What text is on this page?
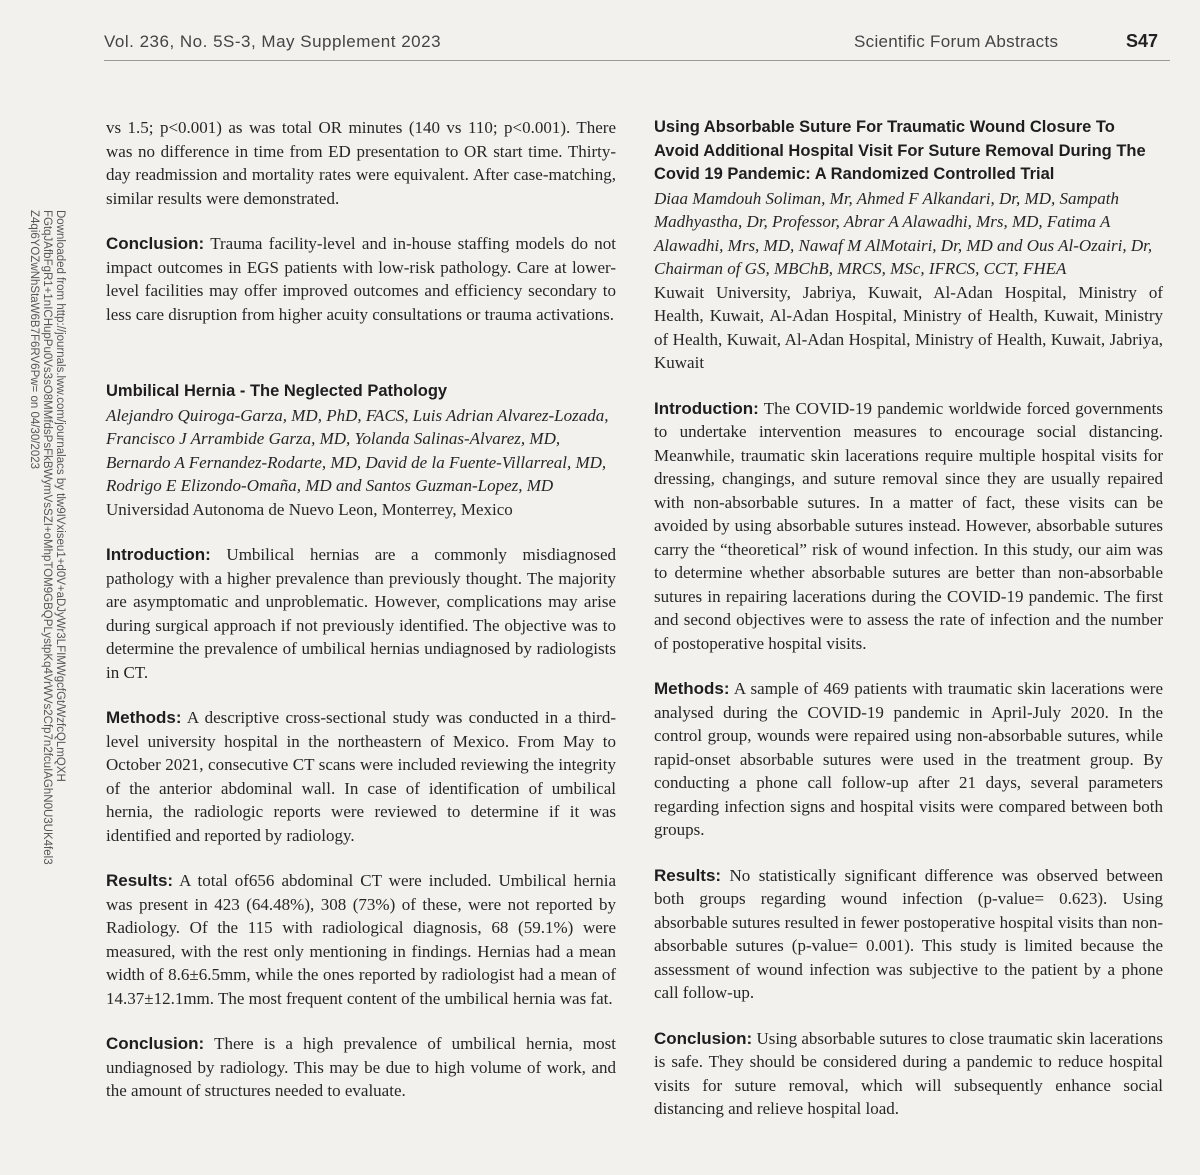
Vol. 236, No. 5S-3, May Supplement 2023	Scientific Forum Abstracts	S47
Downloaded from http://journals.lww.com/journalacs by tlw9IVxiseu1+d0V+aDJyWr3LFIMWgcfGt/WzfcQLmQXH
FGtqJAfbFgR1+1nICHupPu0Vs3sO8MMfdsPsFkBWymVsSZI+oMhpTOM9GBQPLystpKq4VrWVs2Cfp7n2fcuIAGhN0U3UK4fel3
Z4qi6YOZwNhStaW6B7F6RV6Pw= on 04/30/2023

vs 1.5; p<0.001) as was total OR minutes (140 vs 110; p<0.001). There was no difference in time from ED presentation to OR start time. Thirty-day readmission and mortality rates were equivalent. After case-matching, similar results were demonstrated.

Conclusion: Trauma facility-level and in-house staffing models do not impact outcomes in EGS patients with low-risk pathology. Care at lower-level facilities may offer improved outcomes and efficiency secondary to less care disruption from higher acuity consultations or trauma activations.

Umbilical Hernia - The Neglected Pathology

Alejandro Quiroga-Garza, MD, PhD, FACS, Luis Adrian Alvarez-Lozada, Francisco J Arrambide Garza, MD, Yolanda Salinas-Alvarez, MD, Bernardo A Fernandez-Rodarte, MD, David de la Fuente-Villarreal, MD, Rodrigo E Elizondo-Omaña, MD and Santos Guzman-Lopez, MD

Universidad Autonoma de Nuevo Leon, Monterrey, Mexico

Introduction: Umbilical hernias are a commonly misdiagnosed pathology with a higher prevalence than previously thought. The majority are asymptomatic and unproblematic. However, complications may arise during surgical approach if not previously identified. The objective was to determine the prevalence of umbilical hernias undiagnosed by radiologists in CT.

Methods: A descriptive cross-sectional study was conducted in a third-level university hospital in the northeastern of Mexico. From May to October 2021, consecutive CT scans were included reviewing the integrity of the anterior abdominal wall. In case of identification of umbilical hernia, the radiologic reports were reviewed to determine if it was identified and reported by radiology.

Results: A total of656 abdominal CT were included. Umbilical hernia was present in 423 (64.48%), 308 (73%) of these, were not reported by Radiology. Of the 115 with radiological diagnosis, 68 (59.1%) were measured, with the rest only mentioning in findings. Hernias had a mean width of 8.6±6.5mm, while the ones reported by radiologist had a mean of 14.37±12.1mm. The most frequent content of the umbilical hernia was fat.

Conclusion: There is a high prevalence of umbilical hernia, most undiagnosed by radiology. This may be due to high volume of work, and the amount of structures needed to evaluate.

Using Absorbable Suture For Traumatic Wound Closure To Avoid Additional Hospital Visit For Suture Removal During The Covid 19 Pandemic: A Randomized Controlled Trial

Diaa Mamdouh Soliman, Mr, Ahmed F Alkandari, Dr, MD, Sampath Madhyastha, Dr, Professor, Abrar A Alawadhi, Mrs, MD, Fatima A Alawadhi, Mrs, MD, Nawaf M AlMotairi, Dr, MD and Ous Al-Ozairi, Dr, Chairman of GS, MBChB, MRCS, MSc, IFRCS, CCT, FHEA

Kuwait University, Jabriya, Kuwait, Al-Adan Hospital, Ministry of Health, Kuwait, Al-Adan Hospital, Ministry of Health, Kuwait, Ministry of Health, Kuwait, Al-Adan Hospital, Ministry of Health, Kuwait, Jabriya, Kuwait

Introduction: The COVID-19 pandemic worldwide forced governments to undertake intervention measures to encourage social distancing. Meanwhile, traumatic skin lacerations require multiple hospital visits for dressing, changings, and suture removal since they are usually repaired with non-absorbable sutures. In a matter of fact, these visits can be avoided by using absorbable sutures instead. However, absorbable sutures carry the “theoretical” risk of wound infection. In this study, our aim was to determine whether absorbable sutures are better than non-absorbable sutures in repairing lacerations during the COVID-19 pandemic. The first and second objectives were to assess the rate of infection and the number of postoperative hospital visits.

Methods: A sample of 469 patients with traumatic skin lacerations were analysed during the COVID-19 pandemic in April-July 2020. In the control group, wounds were repaired using non-absorbable sutures, while rapid-onset absorbable sutures were used in the treatment group. By conducting a phone call follow-up after 21 days, several parameters regarding infection signs and hospital visits were compared between both groups.

Results: No statistically significant difference was observed between both groups regarding wound infection (p-value= 0.623). Using absorbable sutures resulted in fewer postoperative hospital visits than non-absorbable sutures (p-value= 0.001). This study is limited because the assessment of wound infection was subjective to the patient by a phone call follow-up.

Conclusion: Using absorbable sutures to close traumatic skin lacerations is safe. They should be considered during a pandemic to reduce hospital visits for suture removal, which will subsequently enhance social distancing and relieve hospital load.
